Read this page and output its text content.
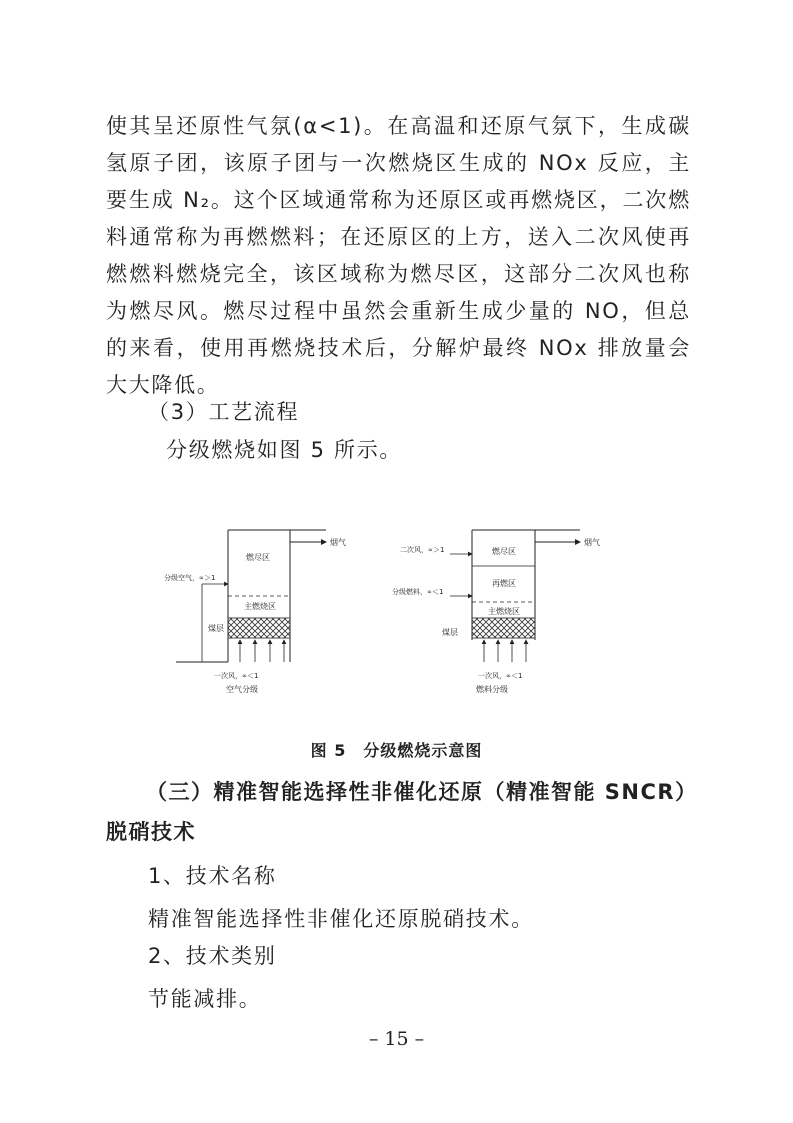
使其呈还原性气氛(α<1)。在高温和还原气氛下，生成碳氢原子团，该原子团与一次燃烧区生成的 NOx 反应，主要生成 N₂。这个区域通常称为还原区或再燃烧区，二次燃料通常称为再燃燃料；在还原区的上方，送入二次风使再燃燃料燃烧完全，该区域称为燃尽区，这部分二次风也称为燃尽风。燃尽过程中虽然会重新生成少量的 NO，但总的来看，使用再燃烧技术后，分解炉最终 NOx 排放量会大大降低。

（3）工艺流程

分级燃烧如图 5 所示。

燃尽区
主燃烧区
煤层
烟气
分级空气，∝＞1
一次风，∝＜1
空气分级
燃尽区
再燃区
主燃烧区
煤层
烟气
二次风，∝＞1
分级燃料，∝＜1
一次风，∝＜1
燃料分级

图 5　分级燃烧示意图

（三）精准智能选择性非催化还原（精准智能 SNCR）脱硝技术

1、技术名称

精准智能选择性非催化还原脱硝技术。

2、技术类别

节能减排。

– 15 –
